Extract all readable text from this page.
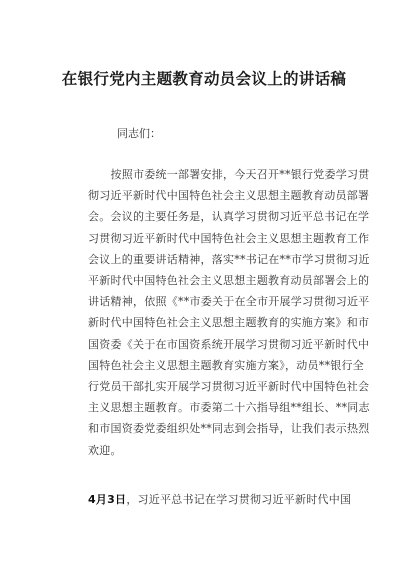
在银行党内主题教育动员会议上的讲话稿
同志们：
　　按照市委统一部署安排，今天召开**银行党委学习贯
彻习近平新时代中国特色社会主义思想主题教育动员部署
会。会议的主要任务是，认真学习贯彻习近平总书记在学
习贯彻习近平新时代中国特色社会主义思想主题教育工作
会议上的重要讲话精神，落实**书记在**市学习贯彻习近
平新时代中国特色社会主义思想主题教育动员部署会上的
讲话精神，依照《**市委关于在全市开展学习贯彻习近平
新时代中国特色社会主义思想主题教育的实施方案》和市
国资委《关于在市国资系统开展学习贯彻习近平新时代中
国特色社会主义思想主题教育实施方案》，动员**银行全
行党员干部扎实开展学习贯彻习近平新时代中国特色社会
主义思想主题教育。市委第二十六指导组**组长、**同志
和市国资委党委组织处**同志到会指导，让我们表示热烈
欢迎。
4月3日，习近平总书记在学习贯彻习近平新时代中国
